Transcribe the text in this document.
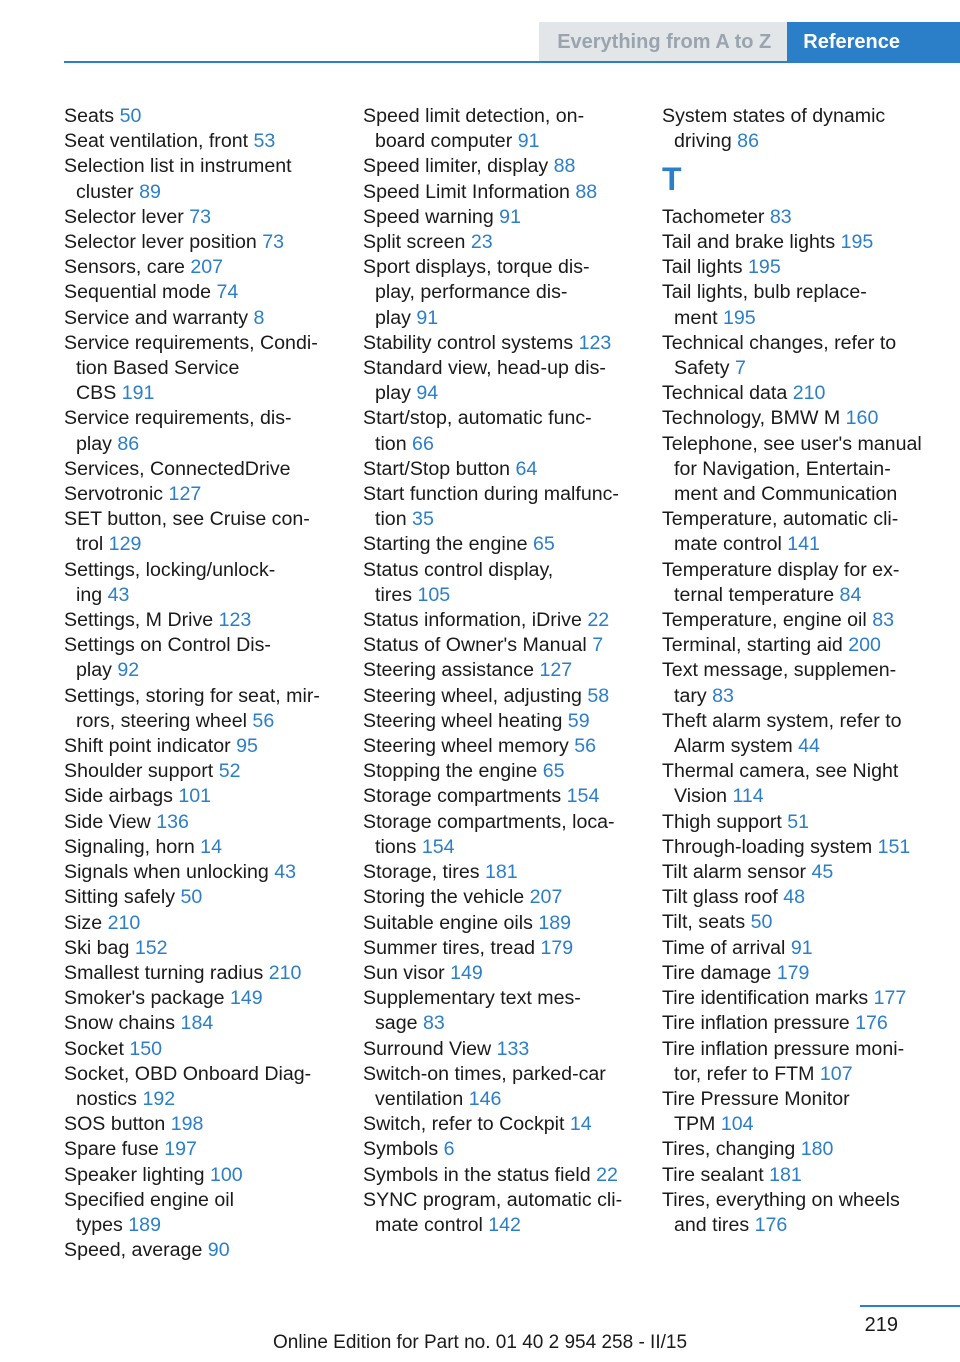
Everything from A to Z	Reference
Seats 50
Seat ventilation, front 53
Selection list in instrument
cluster 89
Selector lever 73
Selector lever position 73
Sensors, care 207
Sequential mode 74
Service and warranty 8
Service requirements, Condi-
tion Based Service
CBS 191
Service requirements, dis-
play 86
Services, ConnectedDrive
Servotronic 127
SET button, see Cruise con-
trol 129
Settings, locking/unlock-
ing 43
Settings, M Drive 123
Settings on Control Dis-
play 92
Settings, storing for seat, mir-
rors, steering wheel 56
Shift point indicator 95
Shoulder support 52
Side airbags 101
Side View 136
Signaling, horn 14
Signals when unlocking 43
Sitting safely 50
Size 210
Ski bag 152
Smallest turning radius 210
Smoker's package 149
Snow chains 184
Socket 150
Socket, OBD Onboard Diag-
nostics 192
SOS button 198
Spare fuse 197
Speaker lighting 100
Specified engine oil
types 189
Speed, average 90
Speed limit detection, on-
board computer 91
Speed limiter, display 88
Speed Limit Information 88
Speed warning 91
Split screen 23
Sport displays, torque dis-
play, performance dis-
play 91
Stability control systems 123
Standard view, head-up dis-
play 94
Start/stop, automatic func-
tion 66
Start/Stop button 64
Start function during malfunc-
tion 35
Starting the engine 65
Status control display,
tires 105
Status information, iDrive 22
Status of Owner's Manual 7
Steering assistance 127
Steering wheel, adjusting 58
Steering wheel heating 59
Steering wheel memory 56
Stopping the engine 65
Storage compartments 154
Storage compartments, loca-
tions 154
Storage, tires 181
Storing the vehicle 207
Suitable engine oils 189
Summer tires, tread 179
Sun visor 149
Supplementary text mes-
sage 83
Surround View 133
Switch-on times, parked-car
ventilation 146
Switch, refer to Cockpit 14
Symbols 6
Symbols in the status field 22
SYNC program, automatic cli-
mate control 142
System states of dynamic
driving 86
T
Tachometer 83
Tail and brake lights 195
Tail lights 195
Tail lights, bulb replace-
ment 195
Technical changes, refer to
Safety 7
Technical data 210
Technology, BMW M 160
Telephone, see user's manual
for Navigation, Entertain-
ment and Communication
Temperature, automatic cli-
mate control 141
Temperature display for ex-
ternal temperature 84
Temperature, engine oil 83
Terminal, starting aid 200
Text message, supplemen-
tary 83
Theft alarm system, refer to
Alarm system 44
Thermal camera, see Night
Vision 114
Thigh support 51
Through-loading system 151
Tilt alarm sensor 45
Tilt glass roof 48
Tilt, seats 50
Time of arrival 91
Tire damage 179
Tire identification marks 177
Tire inflation pressure 176
Tire inflation pressure moni-
tor, refer to FTM 107
Tire Pressure Monitor
TPM 104
Tires, changing 180
Tire sealant 181
Tires, everything on wheels
and tires 176
219
Online Edition for Part no. 01 40 2 954 258 - II/15
